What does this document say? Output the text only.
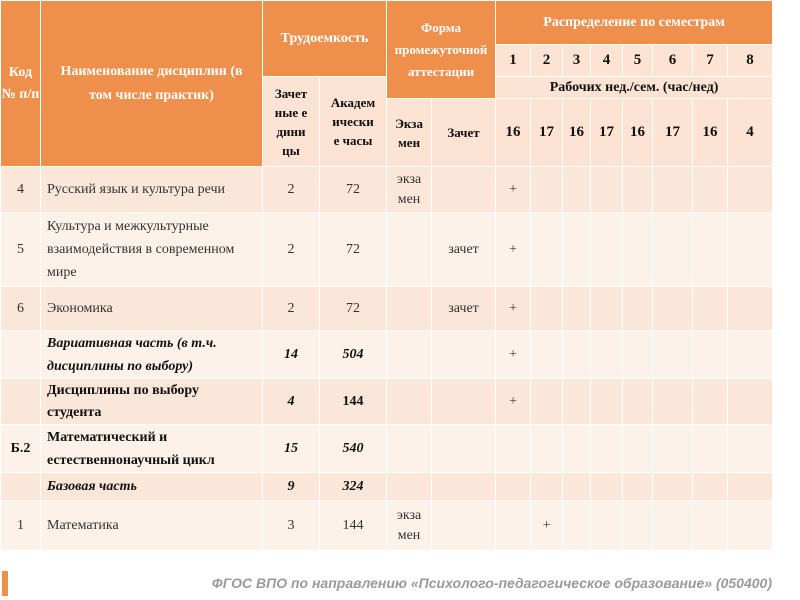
Код № п/п	Наименование дисциплин (в том числе практик)	Трудоемкость		Форма промежуточной аттестации		Распределение по семестрам							
						1	2	3	4	5	6	7	8
		Зачетные единицы	Академические часы			Рабочих нед./сем. (час/нед)							
				Экзамен	Зачет	16	17	16	17	16	17	16	4
4	Русский язык и культура речи	2	72	экзамен		+							
5	Культура и межкультурные взаимодействия в современном мире	2	72		зачет	+							
6	Экономика	2	72		зачет	+							
	Вариативная часть (в т.ч. дисциплины по выбору)	14	504			+							
	Дисциплины по выбору студента	4	144			+							
Б.2	Математический и естественнонаучный цикл	15	540										
	Базовая часть	9	324										
1	Математика	3	144	экзамен			+						
ФГОС ВПО по направлению «Психолого-педагогическое образование» (050400)
